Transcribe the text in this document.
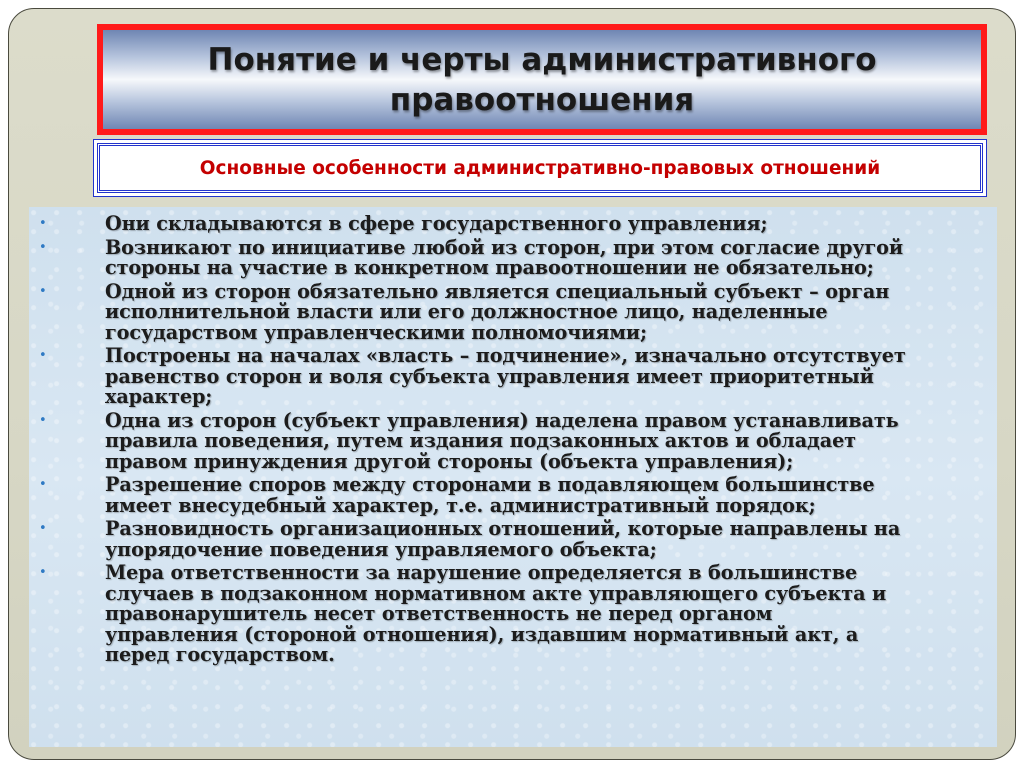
Понятие и черты административного
правоотношения
Основные особенности административно-правовых отношений
•	Они складываются в сфере государственного управления;
•	Возникают по инициативе любой из сторон, при этом согласие другой
стороны на участие в конкретном правоотношении не обязательно;
•	Одной из сторон обязательно является специальный субъект – орган
исполнительной власти или его должностное лицо, наделенные
государством управленческими полномочиями;
•	Построены на началах «власть – подчинение», изначально отсутствует
равенство сторон и воля субъекта управления имеет приоритетный
характер;
•	Одна из сторон (субъект управления) наделена правом устанавливать
правила поведения, путем издания подзаконных актов и обладает
правом принуждения другой стороны (объекта управления);
•	Разрешение споров между сторонами в подавляющем большинстве
имеет внесудебный характер, т.е. административный порядок;
•	Разновидность организационных отношений, которые направлены на
упорядочение поведения управляемого объекта;
•	Мера ответственности за нарушение определяется в большинстве
случаев в подзаконном нормативном акте управляющего субъекта и
правонарушитель несет ответственность не перед органом
управления (стороной отношения), издавшим нормативный акт, а
перед государством.
